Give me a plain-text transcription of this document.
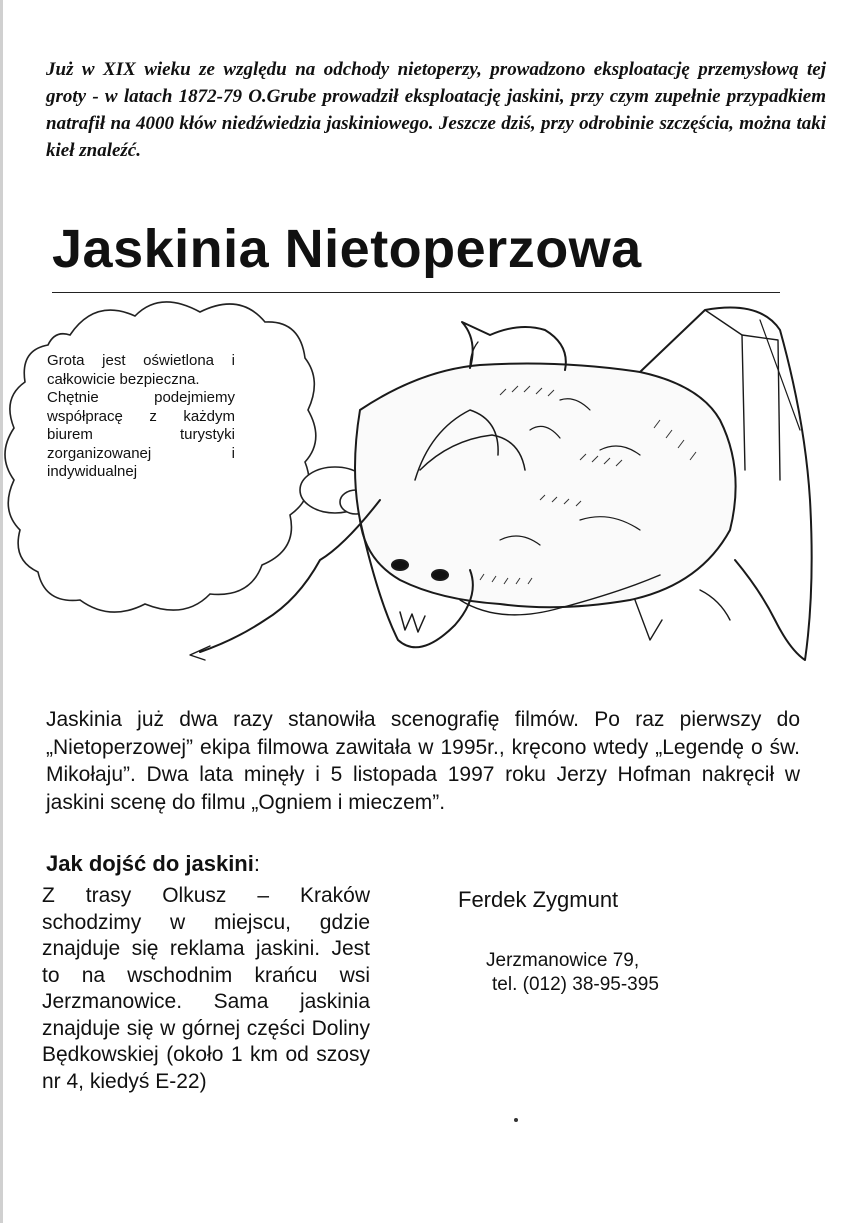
Już w XIX wieku ze względu na odchody nietoperzy, prowadzono eksploatację przemysłową tej groty - w latach 1872-79 O.Grube prowadził eksploatację jaskini, przy czym zupełnie przypadkiem natrafił na 4000 kłów niedźwiedzia jaskiniowego. Jeszcze dziś, przy odrobinie szczęścia, można taki kieł znaleźć.

Jaskinia Nietoperzowa

Grota jest oświetlona i całkowicie bezpieczna.

Chętnie podejmiemy współpracę z każdym biurem turystyki zorganizowanej i indywidualnej

Jaskinia już dwa razy stanowiła scenografię filmów. Po raz pierwszy do „Nietoperzowej” ekipa filmowa zawitała w 1995r., kręcono wtedy „Legendę o św. Mikołaju”. Dwa lata minęły i 5 listopada 1997 roku Jerzy Hofman nakręcił w jaskini scenę do filmu „Ogniem i mieczem”.

Jak dojść do jaskini:

Z trasy Olkusz – Kraków schodzimy w miejscu, gdzie znajduje się reklama jaskini. Jest to na wschodnim krańcu wsi Jerzmanowice. Sama jaskinia znajduje się w górnej części Doliny Będkowskiej (około 1 km od szosy nr 4, kiedyś E-22)

Ferdek Zygmunt

Jerzmanowice 79,

tel. (012) 38-95-395
